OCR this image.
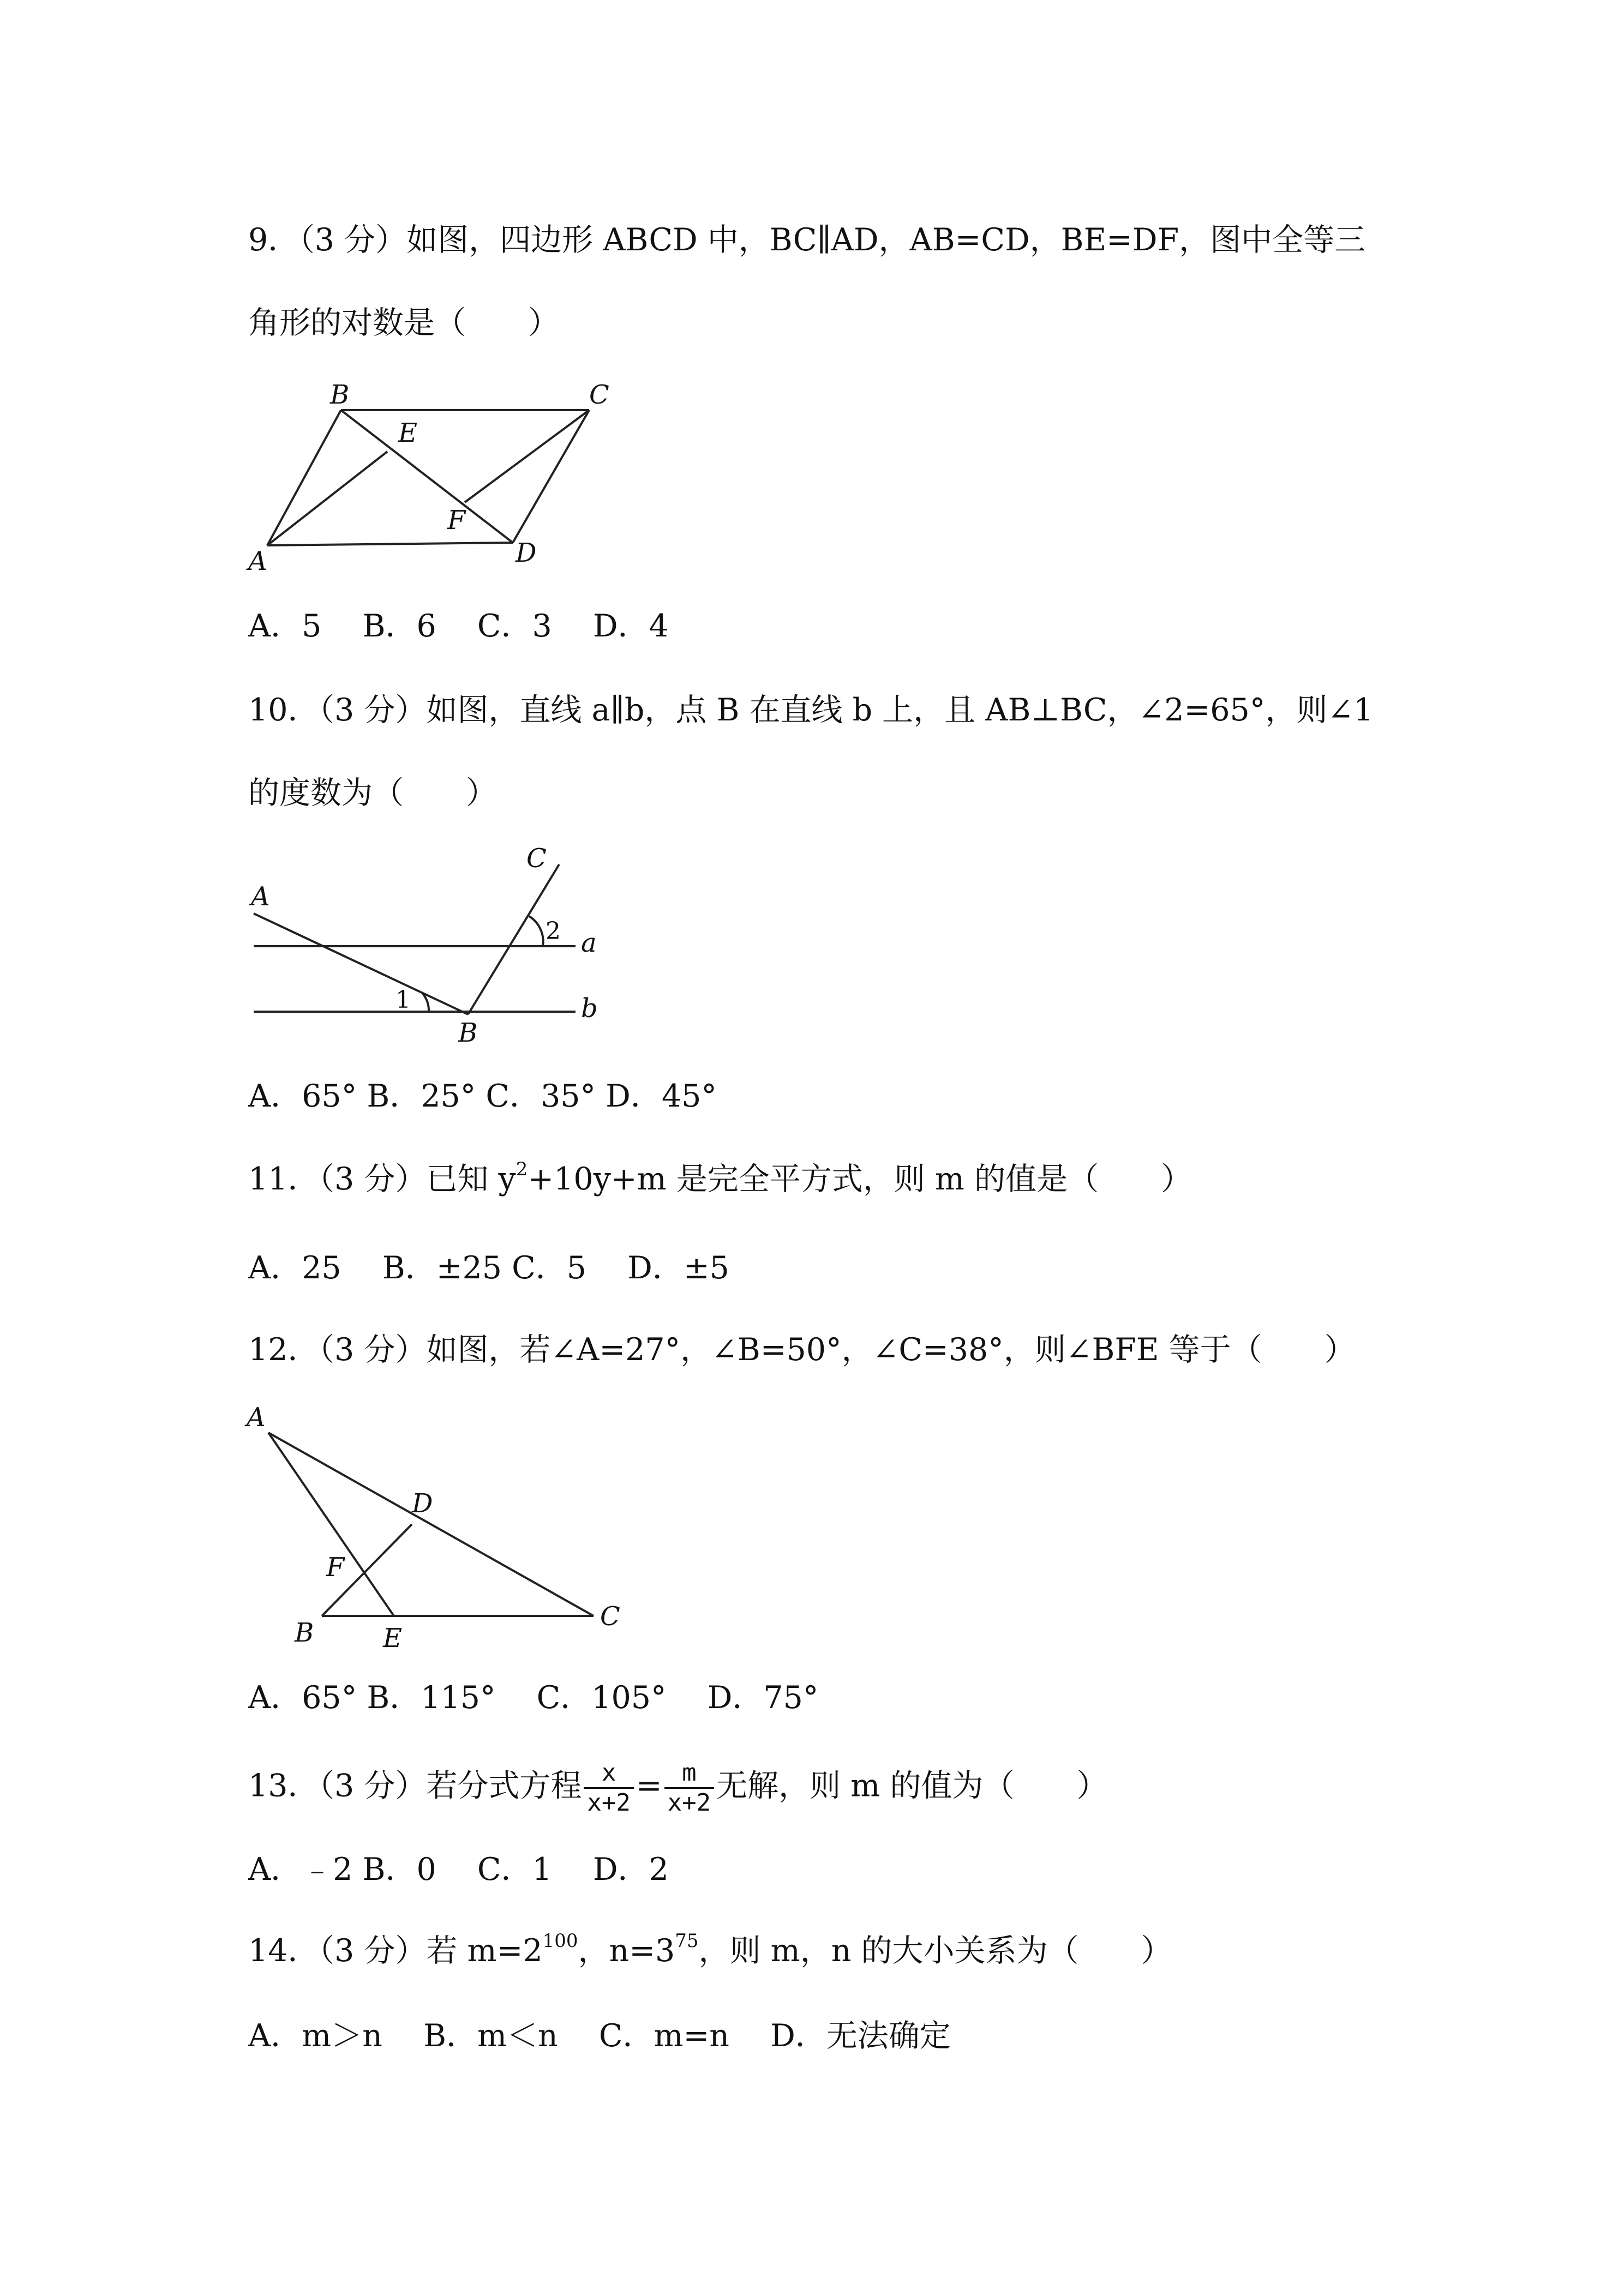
9．（3 分）如图，四边形 ABCD 中，BC∥AD，AB=CD，BE=DF，图中全等三
角形的对数是（　　）
B
E
C
F
A	D
A．5　 B．6　 C．3　 D．4
10．（3 分）如图，直线 a∥b，点 B 在直线 b 上，且 AB⊥BC，∠2=65°，则∠1
的度数为（　　）
A
C
2 a
1
B
b
A．65° B．25° C．35° D．45°
11．（3 分）已知 $y^2+10y+m$ 是完全平方式，则 m 的值是（　　）
A．25　 B．±25 C．5　 D．±5
12．（3 分）如图，若∠A=27°，∠B=50°，∠C=38°，则∠BFE 等于（　　）
A
D
F
B	E
C
A．65° B．115°　 C．105°　 D．75°
13．（3 分）若分式方程 $\frac{x}{x+2} = \frac{m}{x+2}$ 无解，则 m 的值为（　　）
A．﹣2 B．0　 C．1　 D．2
14．（3 分）若 $m=2^{100}$，$n=3^{75}$，则 m，n 的大小关系为（　　）
A．m＞n　 B．m＜n　 C．m=n　 D．无法确定
